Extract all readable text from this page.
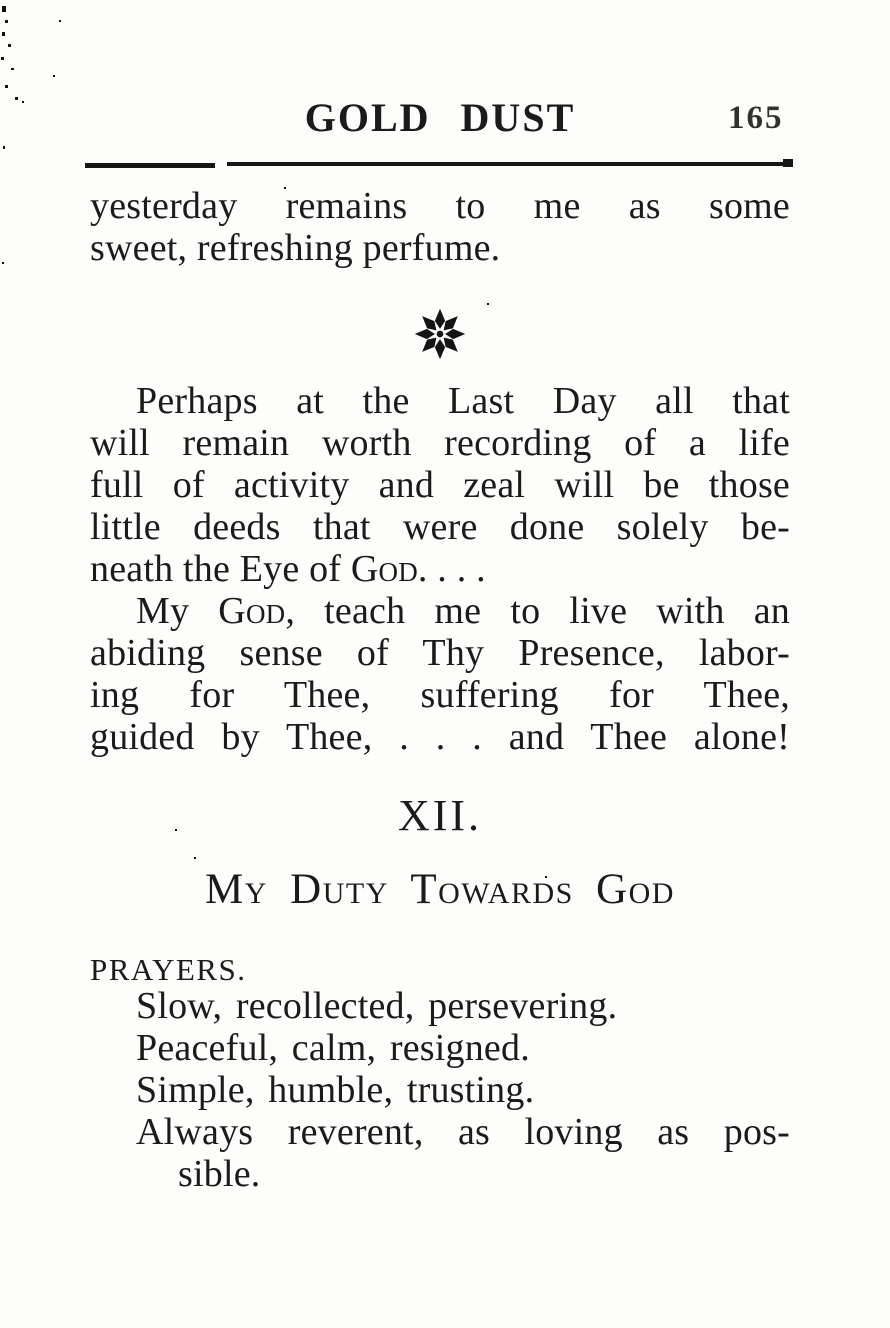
GOLD DUST	165
yesterday remains to me as some
sweet, refreshing perfume.
Perhaps at the Last Day all that
will remain worth recording of a life
full of activity and zeal will be those
little deeds that were done solely be-
neath the Eye of God. . . .
My God, teach me to live with an
abiding sense of Thy Presence, labor-
ing for Thee, suffering for Thee,
guided by Thee, . . . and Thee alone!
XII.
My Duty Towards God
PRAYERS.
Slow, recollected, persevering.
Peaceful, calm, resigned.
Simple, humble, trusting.
Always reverent, as loving as pos-
sible.
